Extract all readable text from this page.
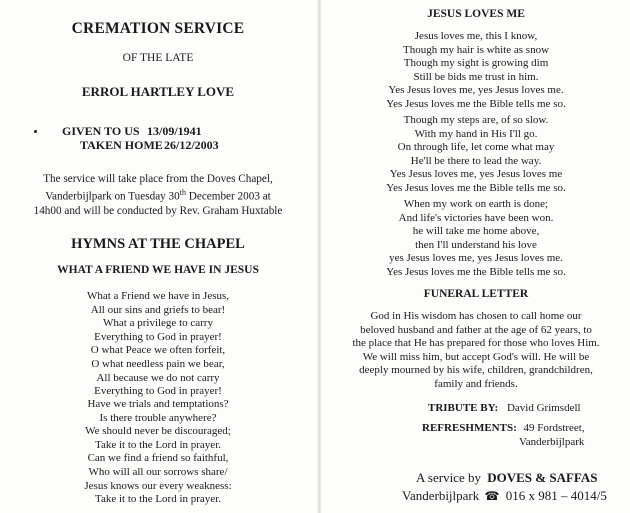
CREMATION SERVICE
OF THE LATE
ERROL HARTLEY LOVE
GIVEN TO US 13/09/1941
TAKEN HOME 26/12/2003
The service will take place from the Doves Chapel,
Vanderbijlpark on Tuesday 30th December 2003 at
14h00 and will be conducted by Rev. Graham Huxtable
HYMNS AT THE CHAPEL
WHAT A FRIEND WE HAVE IN JESUS
What a Friend we have in Jesus,
All our sins and griefs to bear!
What a privilege to carry
Everything to God in prayer!
O what Peace we often forfeit,
O what needless pain we bear,
All because we do not carry
Everything to God in prayer!
Have we trials and temptations?
Is there trouble anywhere?
We should never be discouraged;
Take it to the Lord in prayer.
Can we find a friend so faithful,
Who will all our sorrows share/
Jesus knows our every weakness:
Take it to the Lord in prayer.
JESUS LOVES ME
Jesus loves me, this I know,
Though my hair is white as snow
Though my sight is growing dim
Still be bids me trust in him.
Yes Jesus loves me, yes Jesus loves me.
Yes Jesus loves me the Bible tells me so.
Though my steps are, of so slow.
With my hand in His I'll go.
On through life, let come what may
He'll be there to lead the way.
Yes Jesus loves me, yes Jesus loves me
Yes Jesus loves me the Bible tells me so.
When my work on earth is done;
And life's victories have been won.
he will take me home above,
then I'll understand his love
yes Jesus loves me, yes Jesus loves me.
Yes Jesus loves me the Bible tells me so.
FUNERAL LETTER
God in His wisdom has chosen to call home our
beloved husband and father at the age of 62 years, to
the place that He has prepared for those who loves Him.
We will miss him, but accept God's will. He will be
deeply mourned by his wife, children, grandchildren,
family and friends.
TRIBUTE BY: David Grimsdell
REFRESHMENTS: 49 Fordstreet,
Vanderbijlpark
A service by DOVES & SAFFAS
Vanderbijlpark ☎ 016 x 981 – 4014/5
